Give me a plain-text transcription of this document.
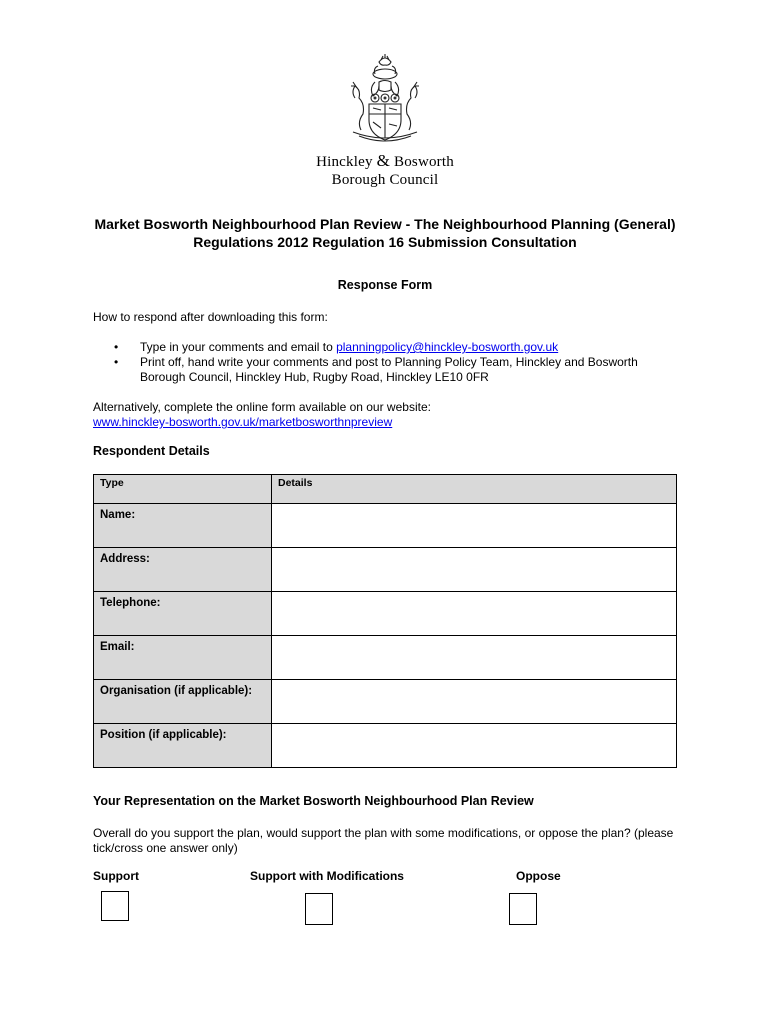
Hinckley & Bosworth
Borough Council
Market Bosworth Neighbourhood Plan Review - The Neighbourhood Planning (General) Regulations 2012 Regulation 16 Submission Consultation
Response Form
How to respond after downloading this form:
• Type in your comments and email to planningpolicy@hinckley-bosworth.gov.uk
• Print off, hand write your comments and post to Planning Policy Team, Hinckley and Bosworth Borough Council, Hinckley Hub, Rugby Road, Hinckley LE10 0FR
Alternatively, complete the online form available on our website:
www.hinckley-bosworth.gov.uk/marketbosworthnpreview
Respondent Details
Type	Details
Name:	
Address:	
Telephone:	
Email:	
Organisation (if applicable):	
Position (if applicable):	
Your Representation on the Market Bosworth Neighbourhood Plan Review
Overall do you support the plan, would support the plan with some modifications, or oppose the plan? (please tick/cross one answer only)
Support	Support with Modifications	Oppose
